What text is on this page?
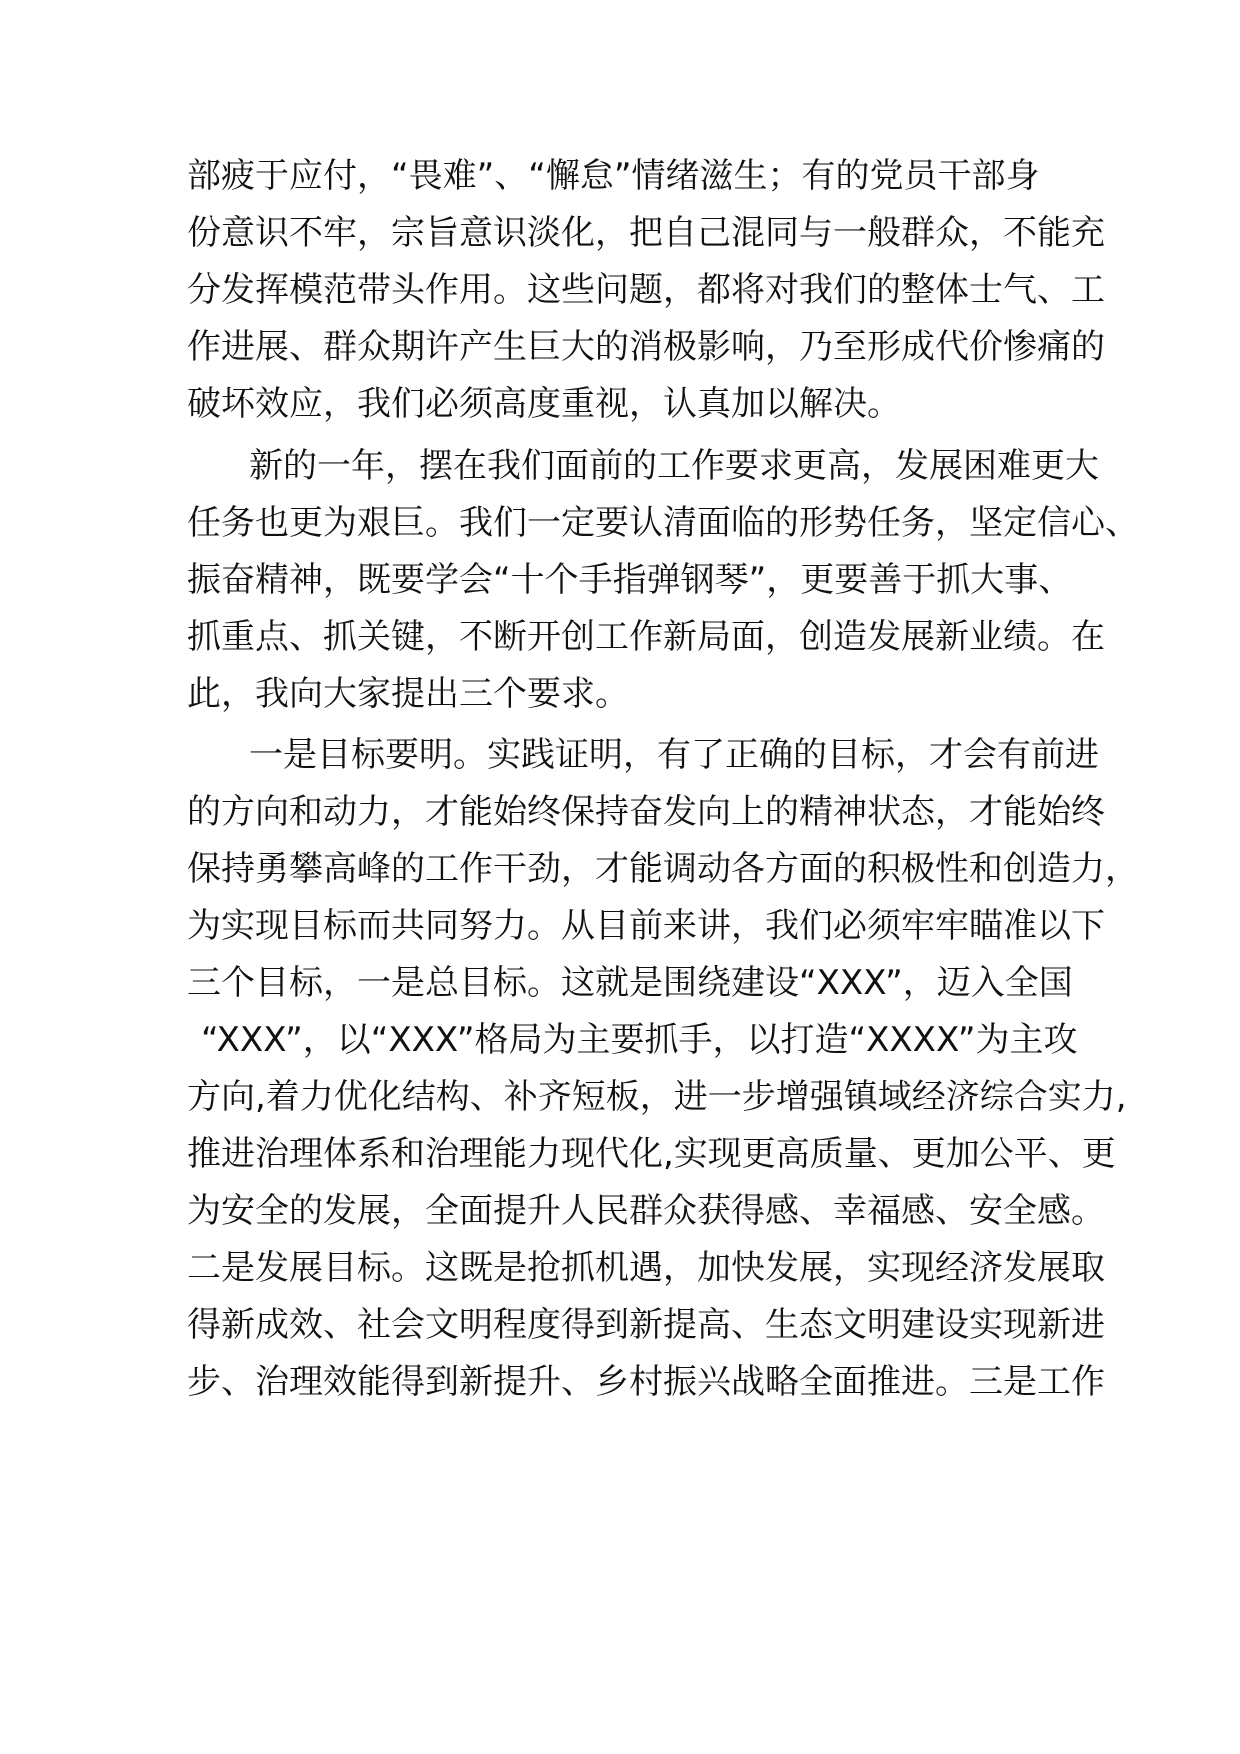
部疲于应付，“畏难”、“懈怠”情绪滋生；有的党员干部身
份意识不牢，宗旨意识淡化，把自己混同与一般群众，不能充
分发挥模范带头作用。这些问题，都将对我们的整体士气、工
作进展、群众期许产生巨大的消极影响，乃至形成代价惨痛的
破坏效应，我们必须高度重视，认真加以解决。
新的一年，摆在我们面前的工作要求更高，发展困难更大
任务也更为艰巨。我们一定要认清面临的形势任务，坚定信心、
振奋精神，既要学会“十个手指弹钢琴”，更要善于抓大事、
抓重点、抓关键，不断开创工作新局面，创造发展新业绩。在
此，我向大家提出三个要求。
一是目标要明。实践证明，有了正确的目标，才会有前进
的方向和动力，才能始终保持奋发向上的精神状态，才能始终
保持勇攀高峰的工作干劲，才能调动各方面的积极性和创造力，
为实现目标而共同努力。从目前来讲，我们必须牢牢瞄准以下
三个目标，一是总目标。这就是围绕建设“XXX”，迈入全国
“XXX”，以“XXX”格局为主要抓手，以打造“XXXX”为主攻
方向,着力优化结构、补齐短板，进一步增强镇域经济综合实力,
推进治理体系和治理能力现代化,实现更高质量、更加公平、更
为安全的发展，全面提升人民群众获得感、幸福感、安全感。
二是发展目标。这既是抢抓机遇，加快发展，实现经济发展取
得新成效、社会文明程度得到新提高、生态文明建设实现新进
步、治理效能得到新提升、乡村振兴战略全面推进。三是工作
